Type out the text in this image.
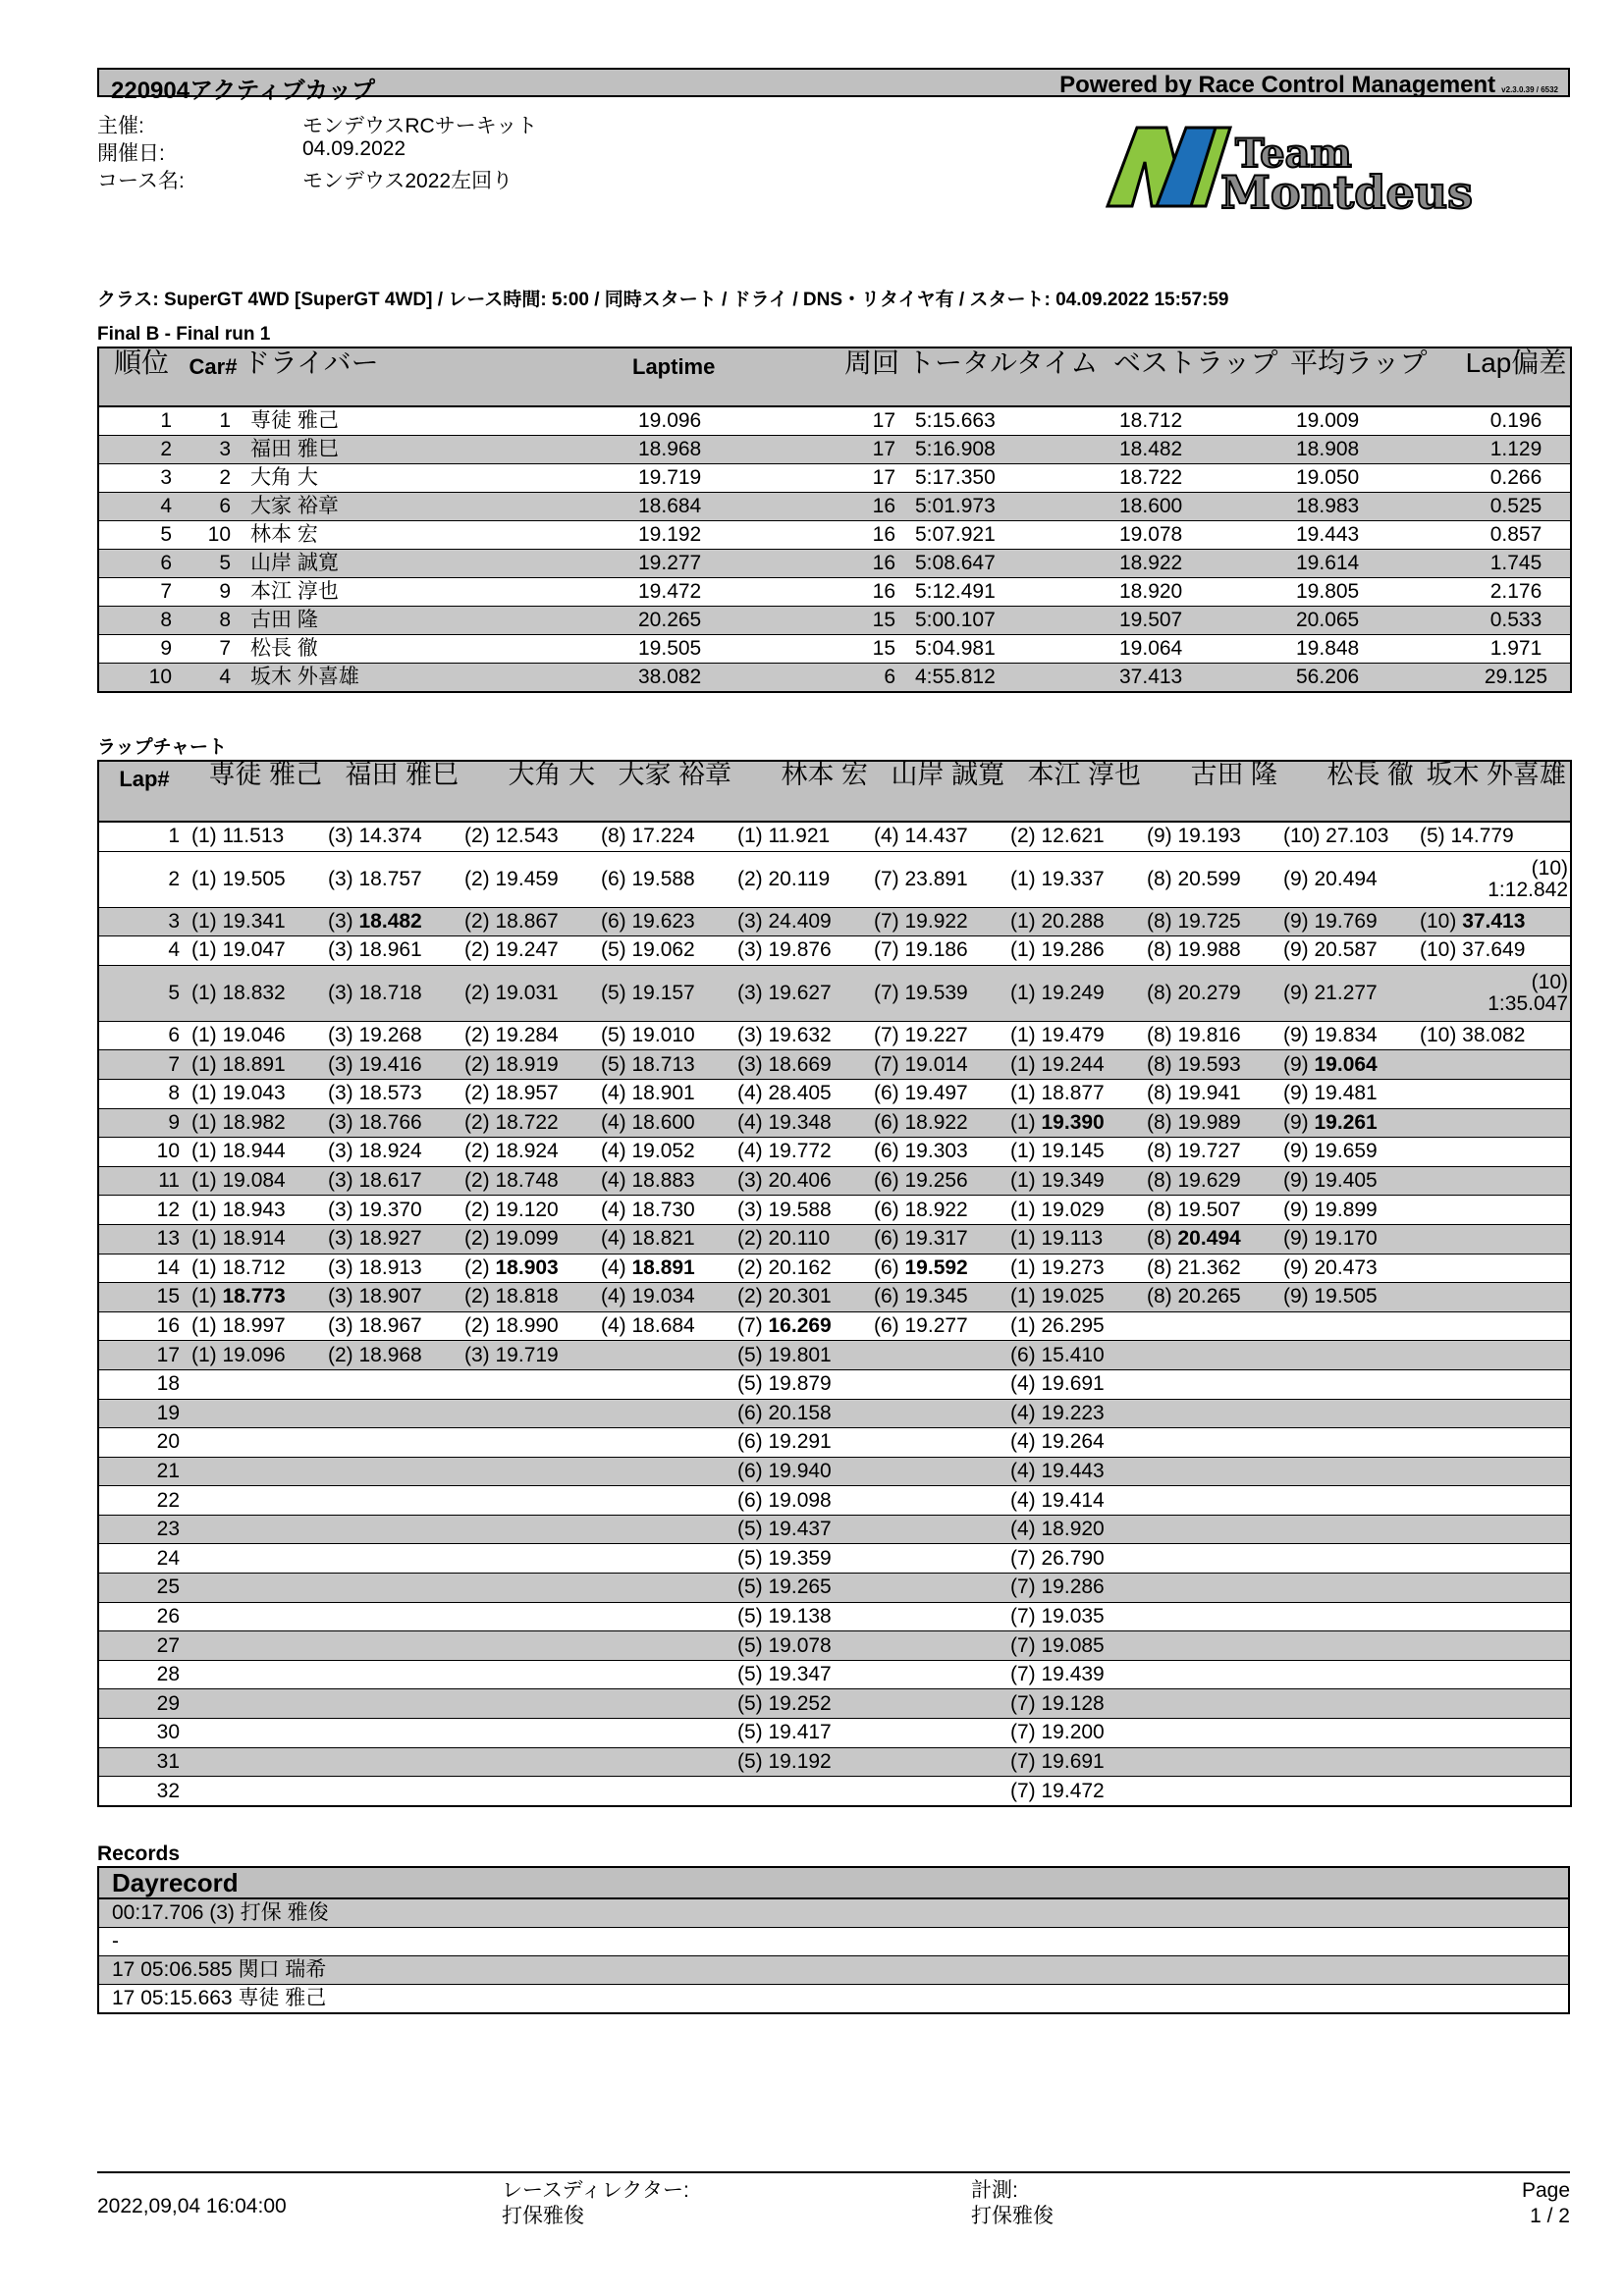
220904アクティブカップ	Powered by Race Control Management v2.3.0.39 / 6532
主催:	モンデウスRCサーキット
開催日:	04.09.2022
コース名:	モンデウス2022左回り
Team
Montdeus
クラス: SuperGT 4WD [SuperGT 4WD] / レース時間: 5:00 / 同時スタート / ドライ / DNS・リタイヤ有 / スタート: 04.09.2022 15:57:59
Final B - Final run 1
順位	Car#	ドライバー	Laptime	周回	トータルタイム	ベストラップ	平均ラップ	Lap偏差
1	1	専徒 雅己	19.096	17	5:15.663	18.712	19.009	0.196
2	3	福田 雅巳	18.968	17	5:16.908	18.482	18.908	1.129
3	2	大角 大	19.719	17	5:17.350	18.722	19.050	0.266
4	6	大家 裕章	18.684	16	5:01.973	18.600	18.983	0.525
5	10	林本 宏	19.192	16	5:07.921	19.078	19.443	0.857
6	5	山岸 誠寛	19.277	16	5:08.647	18.922	19.614	1.745
7	9	本江 淳也	19.472	16	5:12.491	18.920	19.805	2.176
8	8	古田 隆	20.265	15	5:00.107	19.507	20.065	0.533
9	7	松長 徹	19.505	15	5:04.981	19.064	19.848	1.971
10	4	坂木 外喜雄	38.082	6	4:55.812	37.413	56.206	29.125
ラップチャート
Lap#	専徒 雅己	福田 雅巳	大角 大	大家 裕章	林本 宏	山岸 誠寛	本江 淳也	古田 隆	松長 徹	坂木 外喜雄
1	(1) 11.513	(3) 14.374	(2) 12.543	(8) 17.224	(1) 11.921	(4) 14.437	(2) 12.621	(9) 19.193	(10) 27.103	(5) 14.779
2	(1) 19.505	(3) 18.757	(2) 19.459	(6) 19.588	(2) 20.119	(7) 23.891	(1) 19.337	(8) 20.599	(9) 20.494	(10)
1:12.842

3	(1) 19.341	(3) 18.482	(2) 18.867	(6) 19.623	(3) 24.409	(7) 19.922	(1) 20.288	(8) 19.725	(9) 19.769	(10) 37.413
4	(1) 19.047	(3) 18.961	(2) 19.247	(5) 19.062	(3) 19.876	(7) 19.186	(1) 19.286	(8) 19.988	(9) 20.587	(10) 37.649
5	(1) 18.832	(3) 18.718	(2) 19.031	(5) 19.157	(3) 19.627	(7) 19.539	(1) 19.249	(8) 20.279	(9) 21.277	(10)
1:35.047

6	(1) 19.046	(3) 19.268	(2) 19.284	(5) 19.010	(3) 19.632	(7) 19.227	(1) 19.479	(8) 19.816	(9) 19.834	(10) 38.082
7	(1) 18.891	(3) 19.416	(2) 18.919	(5) 18.713	(3) 18.669	(7) 19.014	(1) 19.244	(8) 19.593	(9) 19.064	
8	(1) 19.043	(3) 18.573	(2) 18.957	(4) 18.901	(4) 28.405	(6) 19.497	(1) 18.877	(8) 19.941	(9) 19.481	
9	(1) 18.982	(3) 18.766	(2) 18.722	(4) 18.600	(4) 19.348	(6) 18.922	(1) 19.390	(8) 19.989	(9) 19.261	
10	(1) 18.944	(3) 18.924	(2) 18.924	(4) 19.052	(4) 19.772	(6) 19.303	(1) 19.145	(8) 19.727	(9) 19.659	
11	(1) 19.084	(3) 18.617	(2) 18.748	(4) 18.883	(3) 20.406	(6) 19.256	(1) 19.349	(8) 19.629	(9) 19.405	
12	(1) 18.943	(3) 19.370	(2) 19.120	(4) 18.730	(3) 19.588	(6) 18.922	(1) 19.029	(8) 19.507	(9) 19.899	
13	(1) 18.914	(3) 18.927	(2) 19.099	(4) 18.821	(2) 20.110	(6) 19.317	(1) 19.113	(8) 20.494	(9) 19.170	
14	(1) 18.712	(3) 18.913	(2) 18.903	(4) 18.891	(2) 20.162	(6) 19.592	(1) 19.273	(8) 21.362	(9) 20.473	
15	(1) 18.773	(3) 18.907	(2) 18.818	(4) 19.034	(2) 20.301	(6) 19.345	(1) 19.025	(8) 20.265	(9) 19.505	
16	(1) 18.997	(3) 18.967	(2) 18.990	(4) 18.684	(7) 16.269	(6) 19.277	(1) 26.295			
17	(1) 19.096	(2) 18.968	(3) 19.719		(5) 19.801		(6) 15.410			
18					(5) 19.879		(4) 19.691			
19					(6) 20.158		(4) 19.223			
20					(6) 19.291		(4) 19.264			
21					(6) 19.940		(4) 19.443			
22					(6) 19.098		(4) 19.414			
23					(5) 19.437		(4) 18.920			
24					(5) 19.359		(7) 26.790			
25					(5) 19.265		(7) 19.286			
26					(5) 19.138		(7) 19.035			
27					(5) 19.078		(7) 19.085			
28					(5) 19.347		(7) 19.439			
29					(5) 19.252		(7) 19.128			
30					(5) 19.417		(7) 19.200			
31					(5) 19.192		(7) 19.691			
32							(7) 19.472			
Records
Dayrecord
00:17.706 (3) 打保 雅俊
-
17 05:06.585 関口 瑞希
17 05:15.663 専徒 雅己
2022,09,04 16:04:00
レースディレクター:
打保雅俊
計測:
打保雅俊
Page
1 / 2
